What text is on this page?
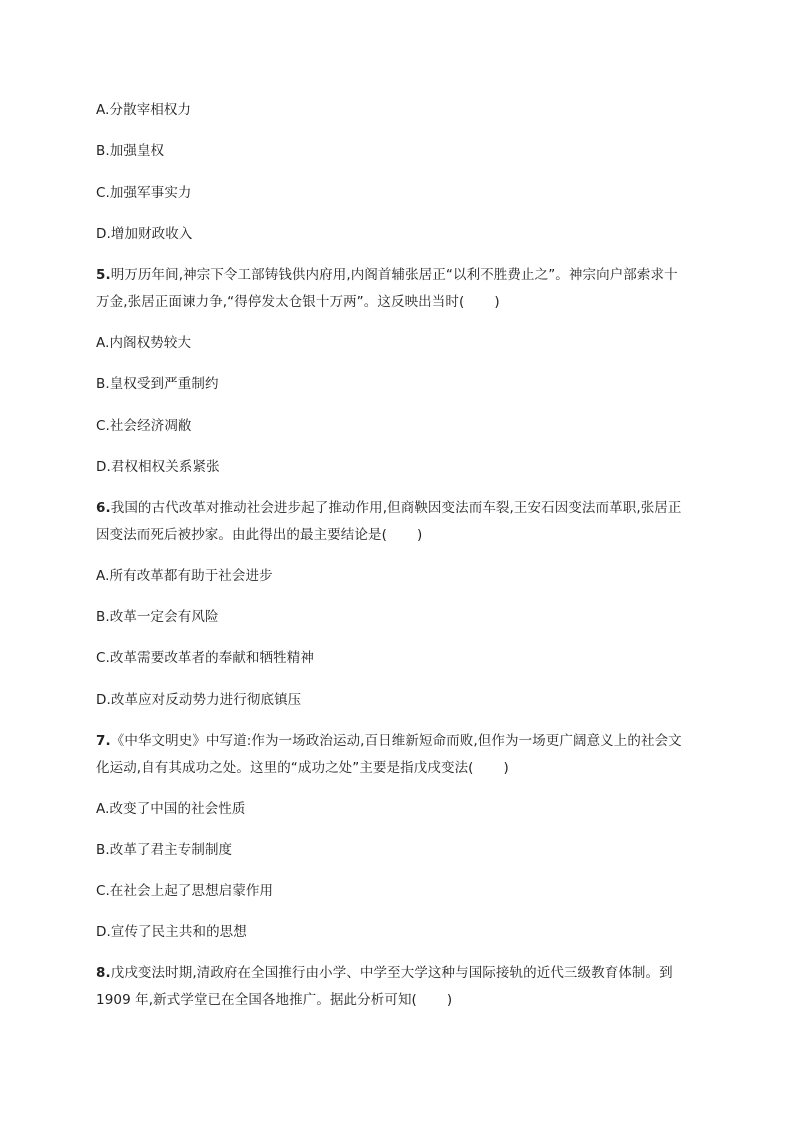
A.分散宰相权力
B.加强皇权
C.加强军事实力
D.增加财政收入
5.明万历年间,神宗下令工部铸钱供内府用,内阁首辅张居正“以利不胜费止之”。神宗向户部索求十
万金,张居正面谏力争,“得停发太仓银十万两”。这反映出当时( )
A.内阁权势较大
B.皇权受到严重制约
C.社会经济凋敝
D.君权相权关系紧张
6.我国的古代改革对推动社会进步起了推动作用,但商鞅因变法而车裂,王安石因变法而革职,张居正
因变法而死后被抄家。由此得出的最主要结论是( )
A.所有改革都有助于社会进步
B.改革一定会有风险
C.改革需要改革者的奉献和牺牲精神
D.改革应对反动势力进行彻底镇压
7.《中华文明史》中写道:作为一场政治运动,百日维新短命而败,但作为一场更广阔意义上的社会文
化运动,自有其成功之处。这里的“成功之处”主要是指戊戌变法( )
A.改变了中国的社会性质
B.改革了君主专制制度
C.在社会上起了思想启蒙作用
D.宣传了民主共和的思想
8.戊戌变法时期,清政府在全国推行由小学、中学至大学这种与国际接轨的近代三级教育体制。到
1909 年,新式学堂已在全国各地推广。据此分析可知( )
